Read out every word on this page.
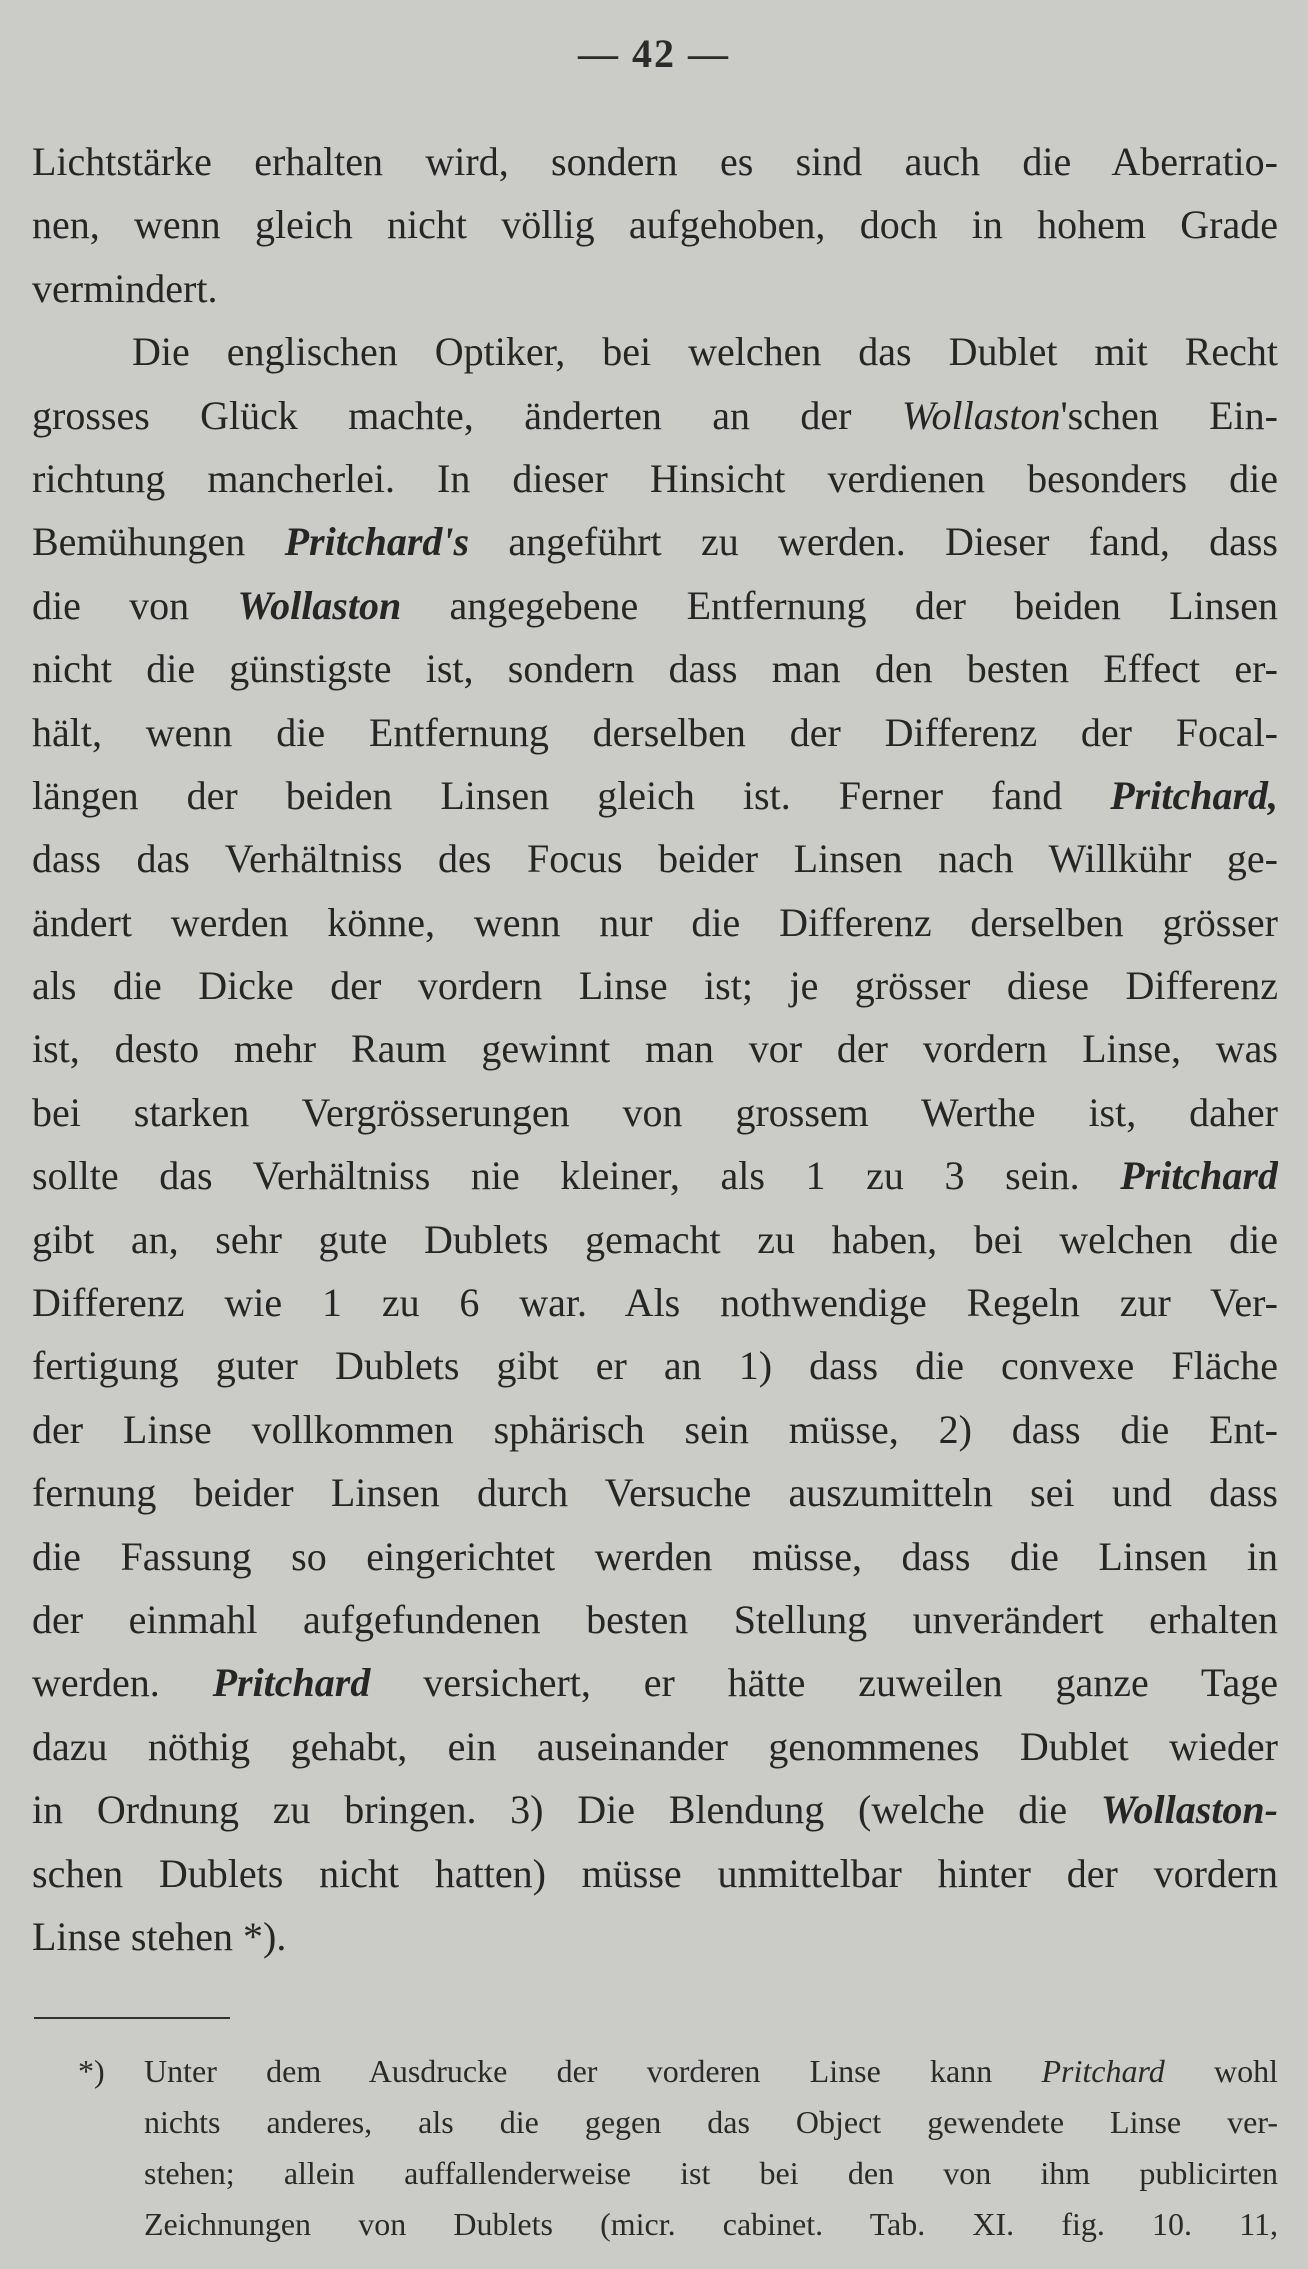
— 42 —
Lichtstärke erhalten wird, sondern es sind auch die Aberratio-
nen, wenn gleich nicht völlig aufgehoben, doch in hohem Grade
vermindert.
Die englischen Optiker, bei welchen das Dublet mit Recht
grosses Glück machte, änderten an der Wollaston'schen Ein-
richtung mancherlei. In dieser Hinsicht verdienen besonders die
Bemühungen Pritchard's angeführt zu werden. Dieser fand, dass
die von Wollaston angegebene Entfernung der beiden Linsen
nicht die günstigste ist, sondern dass man den besten Effect er-
hält, wenn die Entfernung derselben der Differenz der Focal-
längen der beiden Linsen gleich ist. Ferner fand Pritchard,
dass das Verhältniss des Focus beider Linsen nach Willkühr ge-
ändert werden könne, wenn nur die Differenz derselben grösser
als die Dicke der vordern Linse ist; je grösser diese Differenz
ist, desto mehr Raum gewinnt man vor der vordern Linse, was
bei starken Vergrösserungen von grossem Werthe ist, daher
sollte das Verhältniss nie kleiner, als 1 zu 3 sein. Pritchard
gibt an, sehr gute Dublets gemacht zu haben, bei welchen die
Differenz wie 1 zu 6 war. Als nothwendige Regeln zur Ver-
fertigung guter Dublets gibt er an 1) dass die convexe Fläche
der Linse vollkommen sphärisch sein müsse, 2) dass die Ent-
fernung beider Linsen durch Versuche auszumitteln sei und dass
die Fassung so eingerichtet werden müsse, dass die Linsen in
der einmahl aufgefundenen besten Stellung unverändert erhalten
werden. Pritchard versichert, er hätte zuweilen ganze Tage
dazu nöthig gehabt, ein auseinander genommenes Dublet wieder
in Ordnung zu bringen. 3) Die Blendung (welche die Wollaston-
schen Dublets nicht hatten) müsse unmittelbar hinter der vordern
Linse stehen *).
*) Unter dem Ausdrucke der vorderen Linse kann Pritchard wohl
nichts anderes, als die gegen das Object gewendete Linse ver-
stehen; allein auffallenderweise ist bei den von ihm publicirten
Zeichnungen von Dublets (micr. cabinet. Tab. XI. fig. 10. 11,
